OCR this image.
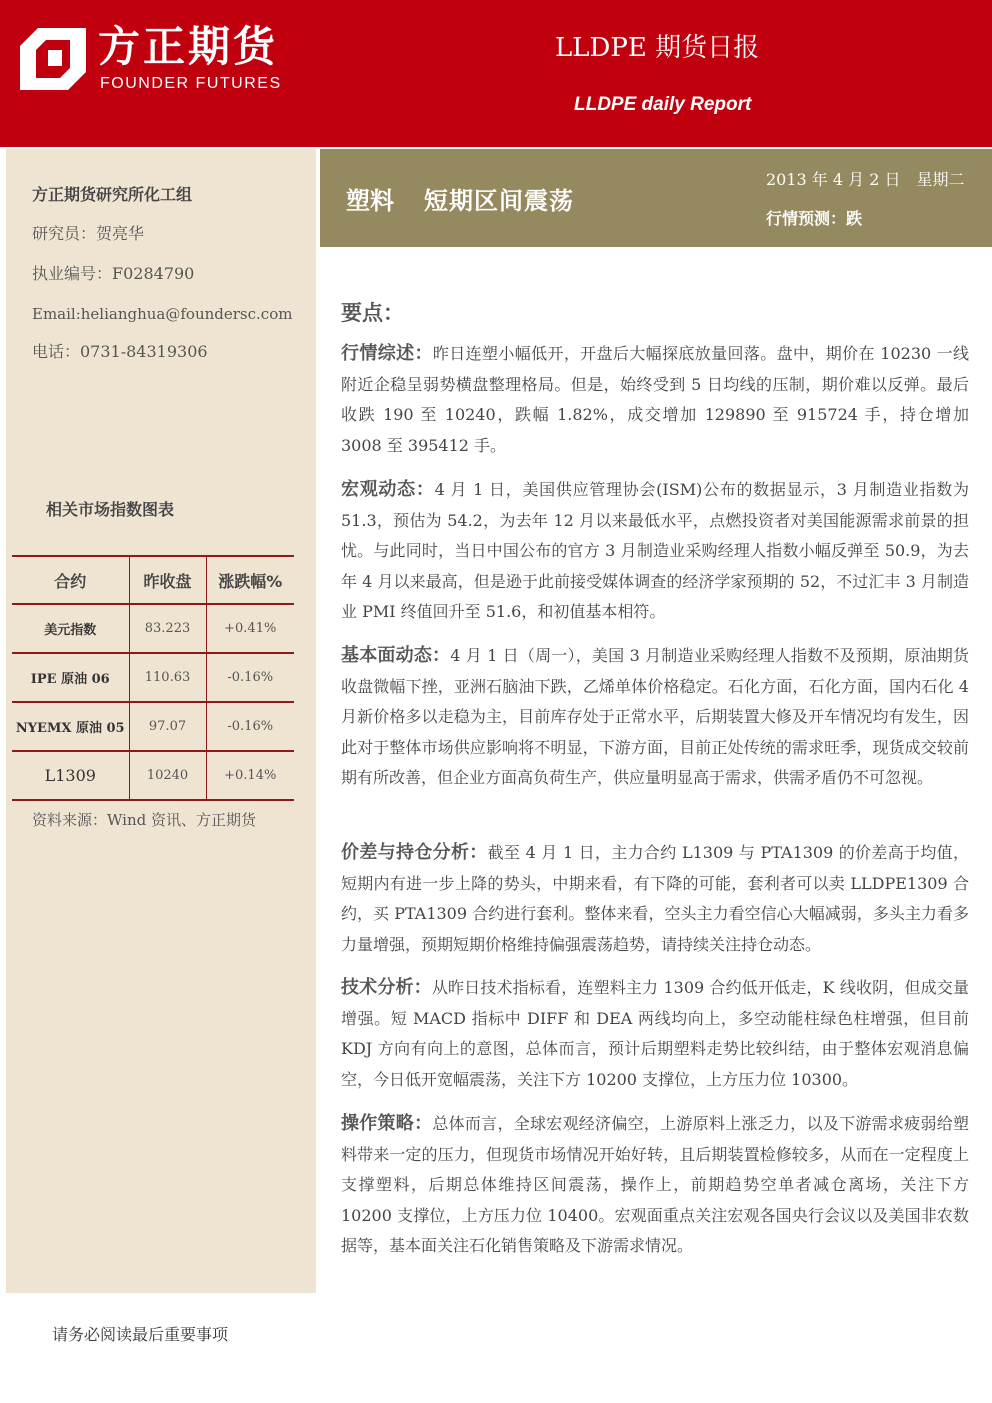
方正期货
FOUNDER FUTURES
LLDPE 期货日报
LLDPE daily Report
方正期货研究所化工组
研究员：贺亮华
执业编号：F0284790
Email:helianghua@foundersc.com
电话：0731-84319306
相关市场指数图表
合约	昨收盘	涨跌幅%
美元指数	83.223	+0.41%
IPE 原油 06	110.63	-0.16%
NYEMX 原油 05	97.07	-0.16%
L1309	10240	+0.14%
资料来源：Wind 资讯、方正期货
塑料 短期区间震荡
2013 年 4 月 2 日　星期二
行情预测：跌
要点：
行情综述：昨日连塑小幅低开，开盘后大幅探底放量回落。盘中，期价在 10230 一线附近企稳呈弱势横盘整理格局。但是，始终受到 5 日均线的压制，期价难以反弹。最后收跌 190 至 10240，跌幅 1.82%，成交增加 129890 至 915724 手，持仓增加 3008 至 395412 手。
宏观动态：4 月 1 日，美国供应管理协会(ISM)公布的数据显示，3 月制造业指数为 51.3，预估为 54.2，为去年 12 月以来最低水平，点燃投资者对美国能源需求前景的担忧。与此同时，当日中国公布的官方 3 月制造业采购经理人指数小幅反弹至 50.9，为去年 4 月以来最高，但是逊于此前接受媒体调查的经济学家预期的 52，不过汇丰 3 月制造业 PMI 终值回升至 51.6，和初值基本相符。
基本面动态：4 月 1 日（周一），美国 3 月制造业采购经理人指数不及预期，原油期货收盘微幅下挫，亚洲石脑油下跌，乙烯单体价格稳定。石化方面，石化方面，国内石化 4 月新价格多以走稳为主，目前库存处于正常水平，后期装置大修及开车情况均有发生，因此对于整体市场供应影响将不明显，下游方面，目前正处传统的需求旺季，现货成交较前期有所改善，但企业方面高负荷生产，供应量明显高于需求，供需矛盾仍不可忽视。
价差与持仓分析：截至 4 月 1 日，主力合约 L1309 与 PTA1309 的价差高于均值，短期内有进一步上降的势头，中期来看，有下降的可能，套利者可以卖 LLDPE1309 合约，买 PTA1309 合约进行套利。整体来看，空头主力看空信心大幅减弱，多头主力看多力量增强，预期短期价格维持偏强震荡趋势，请持续关注持仓动态。
技术分析：从昨日技术指标看，连塑料主力 1309 合约低开低走，K 线收阴，但成交量增强。短 MACD 指标中 DIFF 和 DEA 两线均向上，多空动能柱绿色柱增强，但目前 KDJ 方向有向上的意图，总体而言，预计后期塑料走势比较纠结，由于整体宏观消息偏空，今日低开宽幅震荡，关注下方 10200 支撑位，上方压力位 10300。
操作策略：总体而言，全球宏观经济偏空，上游原料上涨乏力，以及下游需求疲弱给塑料带来一定的压力，但现货市场情况开始好转，且后期装置检修较多，从而在一定程度上支撑塑料，后期总体维持区间震荡，操作上，前期趋势空单者减仓离场，关注下方 10200 支撑位，上方压力位 10400。宏观面重点关注宏观各国央行会议以及美国非农数据等，基本面关注石化销售策略及下游需求情况。
请务必阅读最后重要事项
